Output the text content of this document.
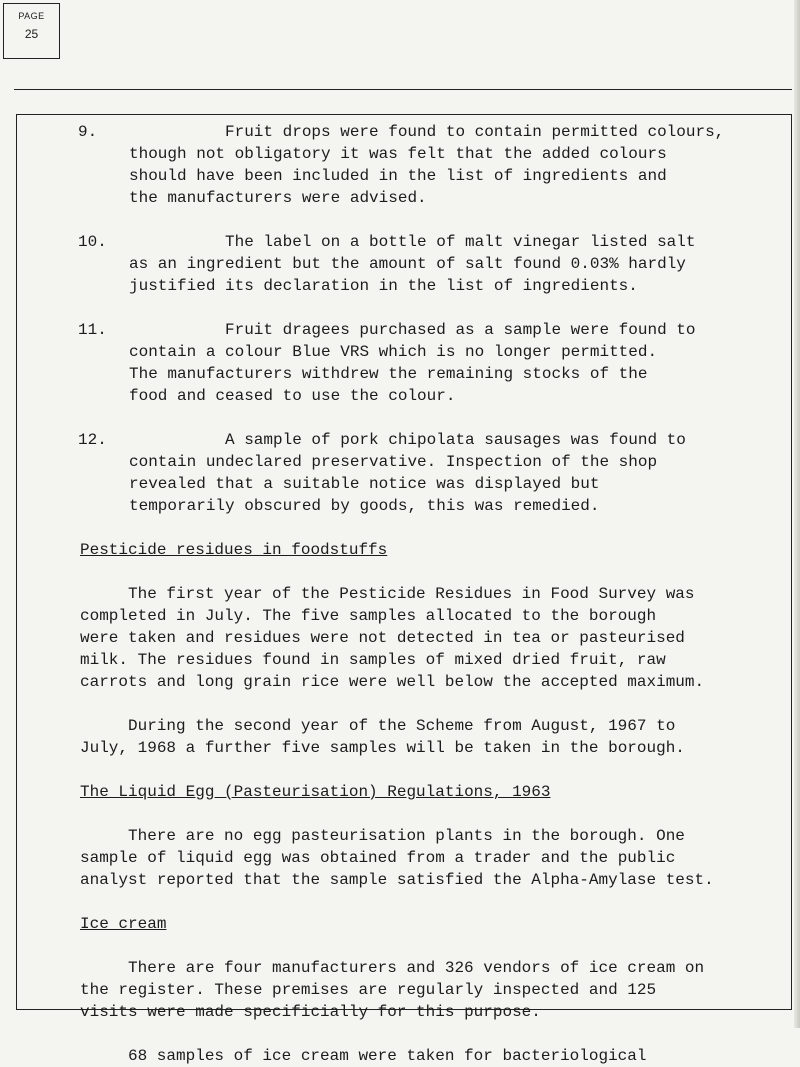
PAGE
25
9.	Fruit drops were found to contain permitted colours,
though not obligatory it was felt that the added colours
should have been included in the list of ingredients and
the manufacturers were advised.
10.	The label on a bottle of malt vinegar listed salt
as an ingredient but the amount of salt found 0.03% hardly
justified its declaration in the list of ingredients.
11.	Fruit dragees purchased as a sample were found to
contain a colour Blue VRS which is no longer permitted.
The manufacturers withdrew the remaining stocks of the
food and ceased to use the colour.
12.	A sample of pork chipolata sausages was found to
contain undeclared preservative. Inspection of the shop
revealed that a suitable notice was displayed but
temporarily obscured by goods, this was remedied.
Pesticide residues in foodstuffs
The first year of the Pesticide Residues in Food Survey was
completed in July. The five samples allocated to the borough
were taken and residues were not detected in tea or pasteurised
milk. The residues found in samples of mixed dried fruit, raw
carrots and long grain rice were well below the accepted maximum.
During the second year of the Scheme from August, 1967 to
July, 1968 a further five samples will be taken in the borough.
The Liquid Egg (Pasteurisation) Regulations, 1963
There are no egg pasteurisation plants in the borough. One
sample of liquid egg was obtained from a trader and the public
analyst reported that the sample satisfied the Alpha-Amylase test.
Ice cream
There are four manufacturers and 326 vendors of ice cream on
the register. These premises are regularly inspected and 125
visits were made specificially for this purpose.
68 samples of ice cream were taken for bacteriological
